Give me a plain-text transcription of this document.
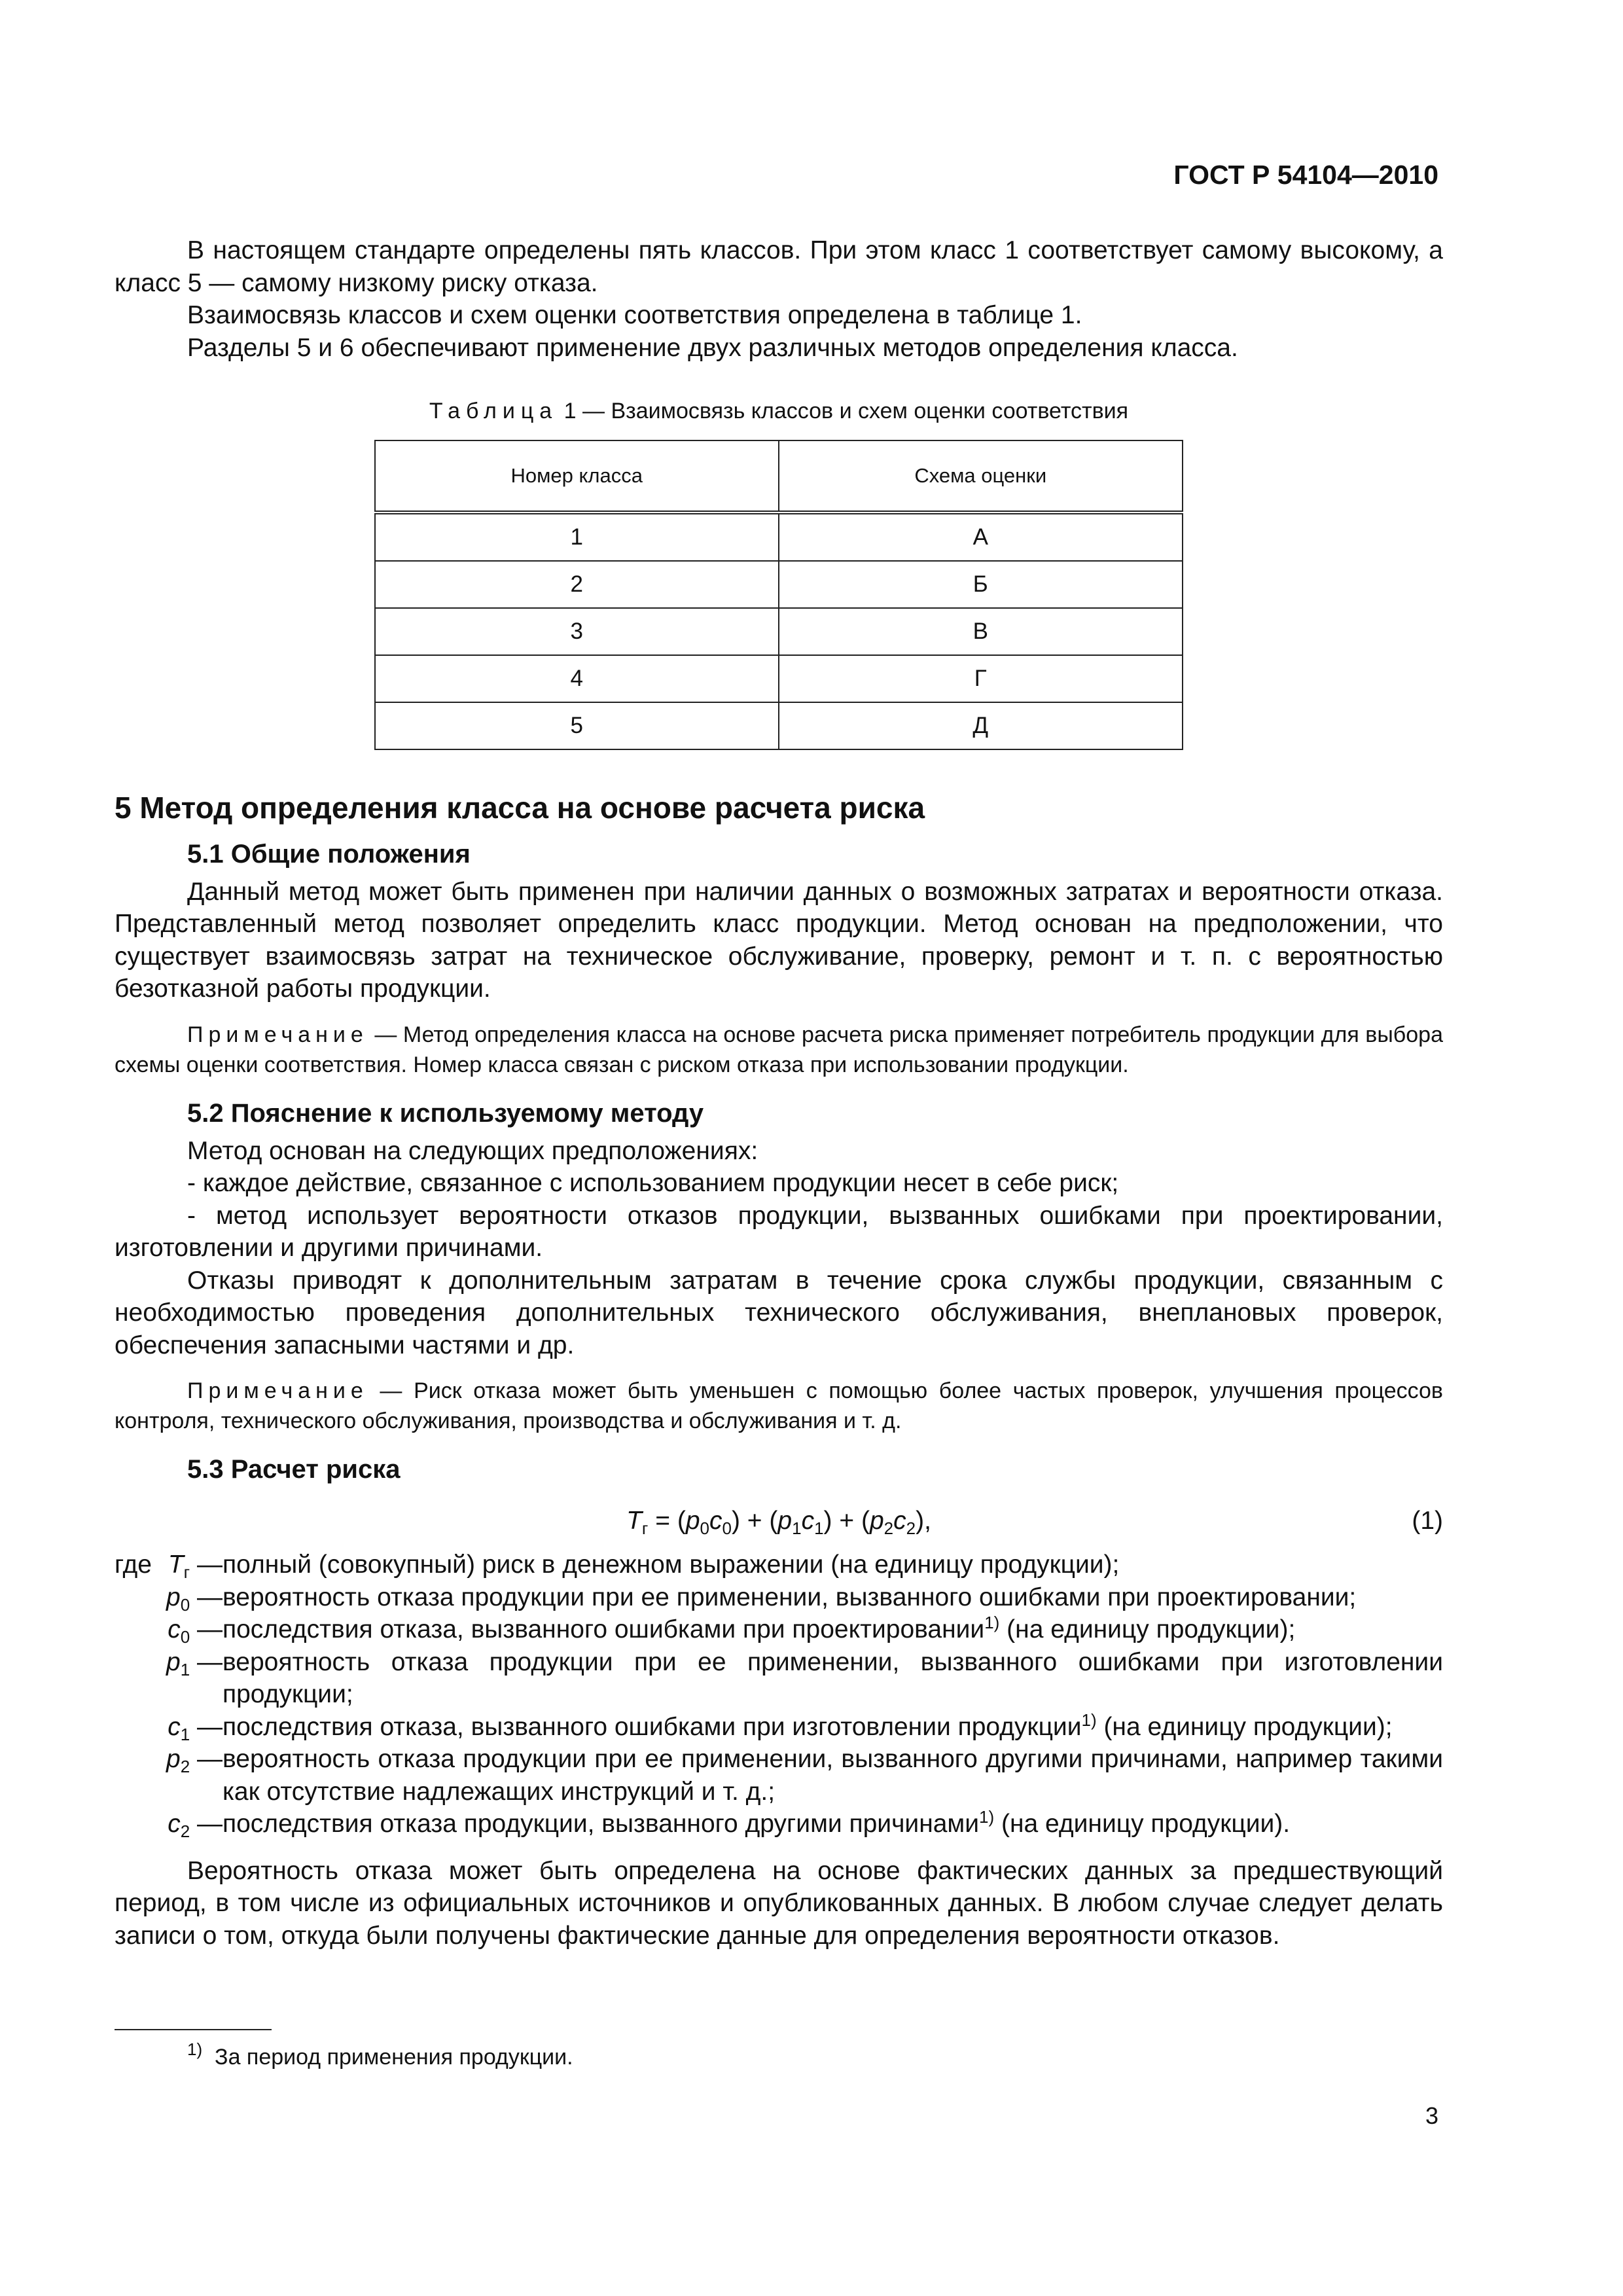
ГОСТ Р 54104—2010

В настоящем стандарте определены пять классов. При этом класс 1 соответствует самому высокому, а класс 5 — самому низкому риску отказа.

Взаимосвязь классов и схем оценки соответствия определена в таблице 1.

Разделы 5 и 6 обеспечивают применение двух различных методов определения класса.

Таблица 1 — Взаимосвязь классов и схем оценки соответствия
Номер класса	Схема оценки
1	А
2	Б
3	В
4	Г
5	Д
5 Метод определения класса на основе расчета риска
5.1 Общие положения

Данный метод может быть применен при наличии данных о возможных затратах и вероятности отказа. Представленный метод позволяет определить класс продукции. Метод основан на предположении, что существует взаимосвязь затрат на техническое обслуживание, проверку, ремонт и т. п. с вероятностью безотказной работы продукции.

Примечание — Метод определения класса на основе расчета риска применяет потребитель продукции для выбора схемы оценки соответствия. Номер класса связан с риском отказа при использовании продукции.

5.2 Пояснение к используемому методу

Метод основан на следующих предположениях:

- каждое действие, связанное с использованием продукции несет в себе риск;

- метод использует вероятности отказов продукции, вызванных ошибками при проектировании, изготовлении и другими причинами.

Отказы приводят к дополнительным затратам в течение срока службы продукции, связанным с необходимостью проведения дополнительных технического обслуживания, внеплановых проверок, обеспечения запасными частями и др.

Примечание — Риск отказа может быть уменьшен с помощью более частых проверок, улучшения процессов контроля, технического обслуживания, производства и обслуживания и т. д.

5.3 Расчет риска
$T_г = (p_0c_0) + (p_1c_1) + (p_2c_2)$,	(1)
где $T_г$ — полный (совокупный) риск в денежном выражении (на единицу продукции);
$p_0$ — вероятность отказа продукции при ее применении, вызванного ошибками при проектировании;
$c_0$ — последствия отказа, вызванного ошибками при проектировании$^{1)}$ (на единицу продукции);
$p_1$ — вероятность отказа продукции при ее применении, вызванного ошибками при изготовлении продукции;
$c_1$ — последствия отказа, вызванного ошибками при изготовлении продукции$^{1)}$ (на единицу продукции);
$p_2$ — вероятность отказа продукции при ее применении, вызванного другими причинами, например такими как отсутствие надлежащих инструкций и т. д.;
$c_2$ — последствия отказа продукции, вызванного другими причинами$^{1)}$ (на единицу продукции).

Вероятность отказа может быть определена на основе фактических данных за предшествующий период, в том числе из официальных источников и опубликованных данных. В любом случае следует делать записи о том, откуда были получены фактические данные для определения вероятности отказов.

$^{1)}$ За период применения продукции.
3
